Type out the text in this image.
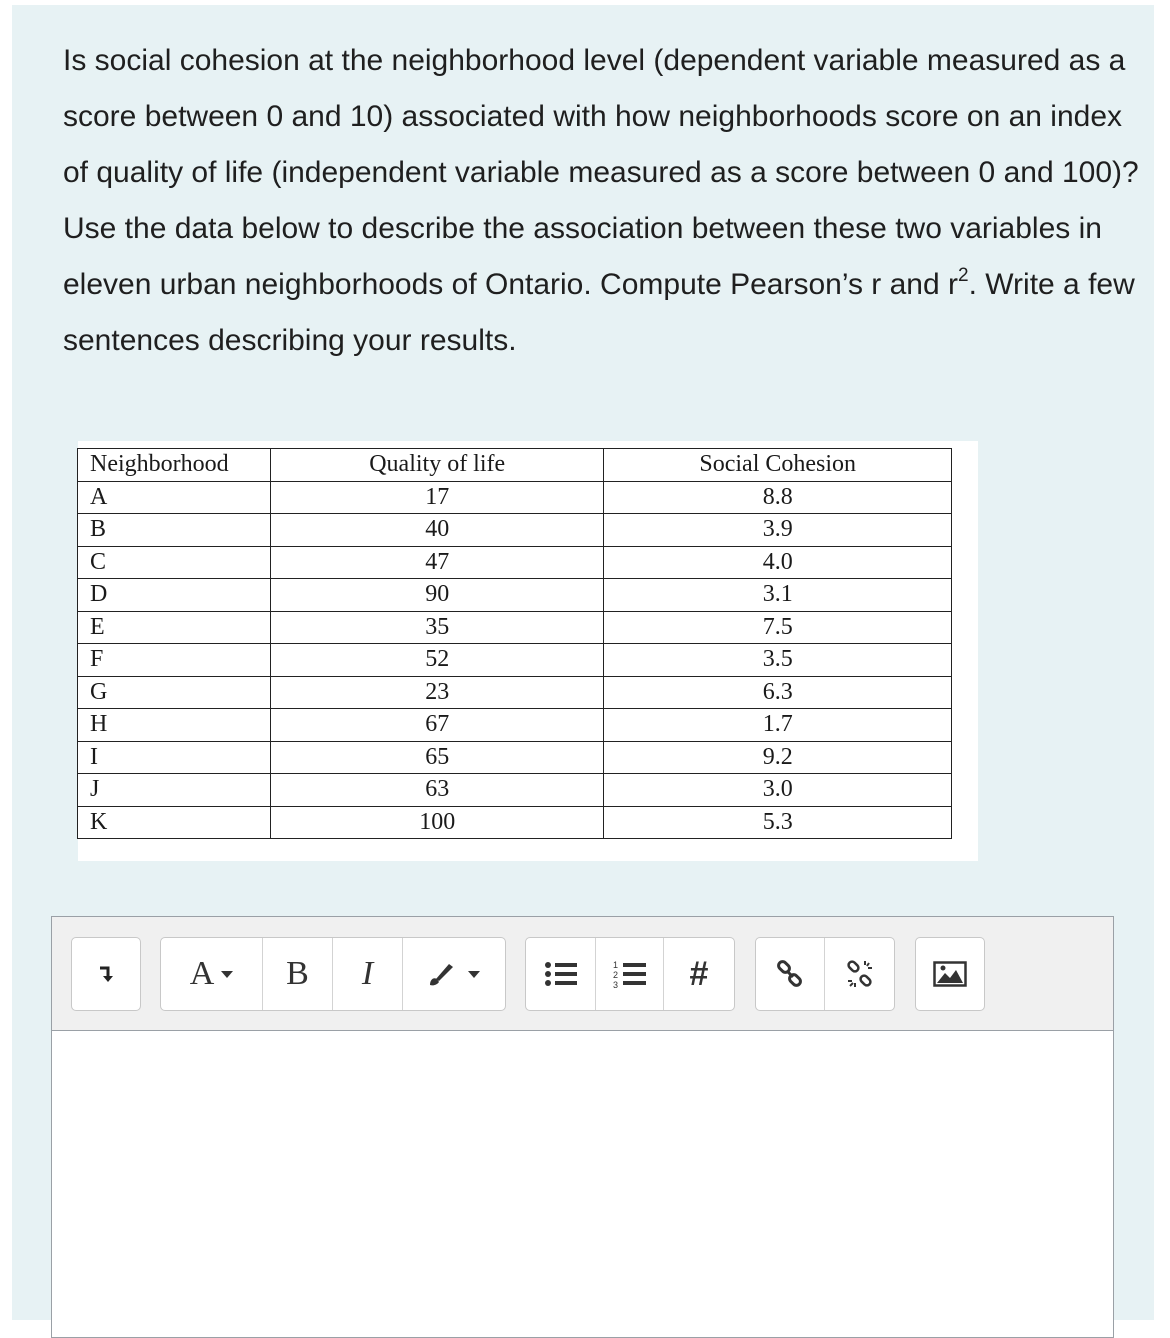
Is social cohesion at the neighborhood level (dependent variable measured as a score between 0 and 10) associated with how neighborhoods score on an index of quality of life (independent variable measured as a score between 0 and 100)? Use the data below to describe the association between these two variables in eleven urban neighborhoods of Ontario. Compute Pearson’s r and $r^2$. Write a few sentences describing your results.

Neighborhood	Quality of life	Social Cohesion
A	17	8.8
B	40	3.9
C	47	4.0
D	90	3.1
E	35	7.5
F	52	3.5
G	23	6.3
H	67	1.7
I	65	9.2
J	63	3.0
K	100	5.3
A B I	1
2
3 #
